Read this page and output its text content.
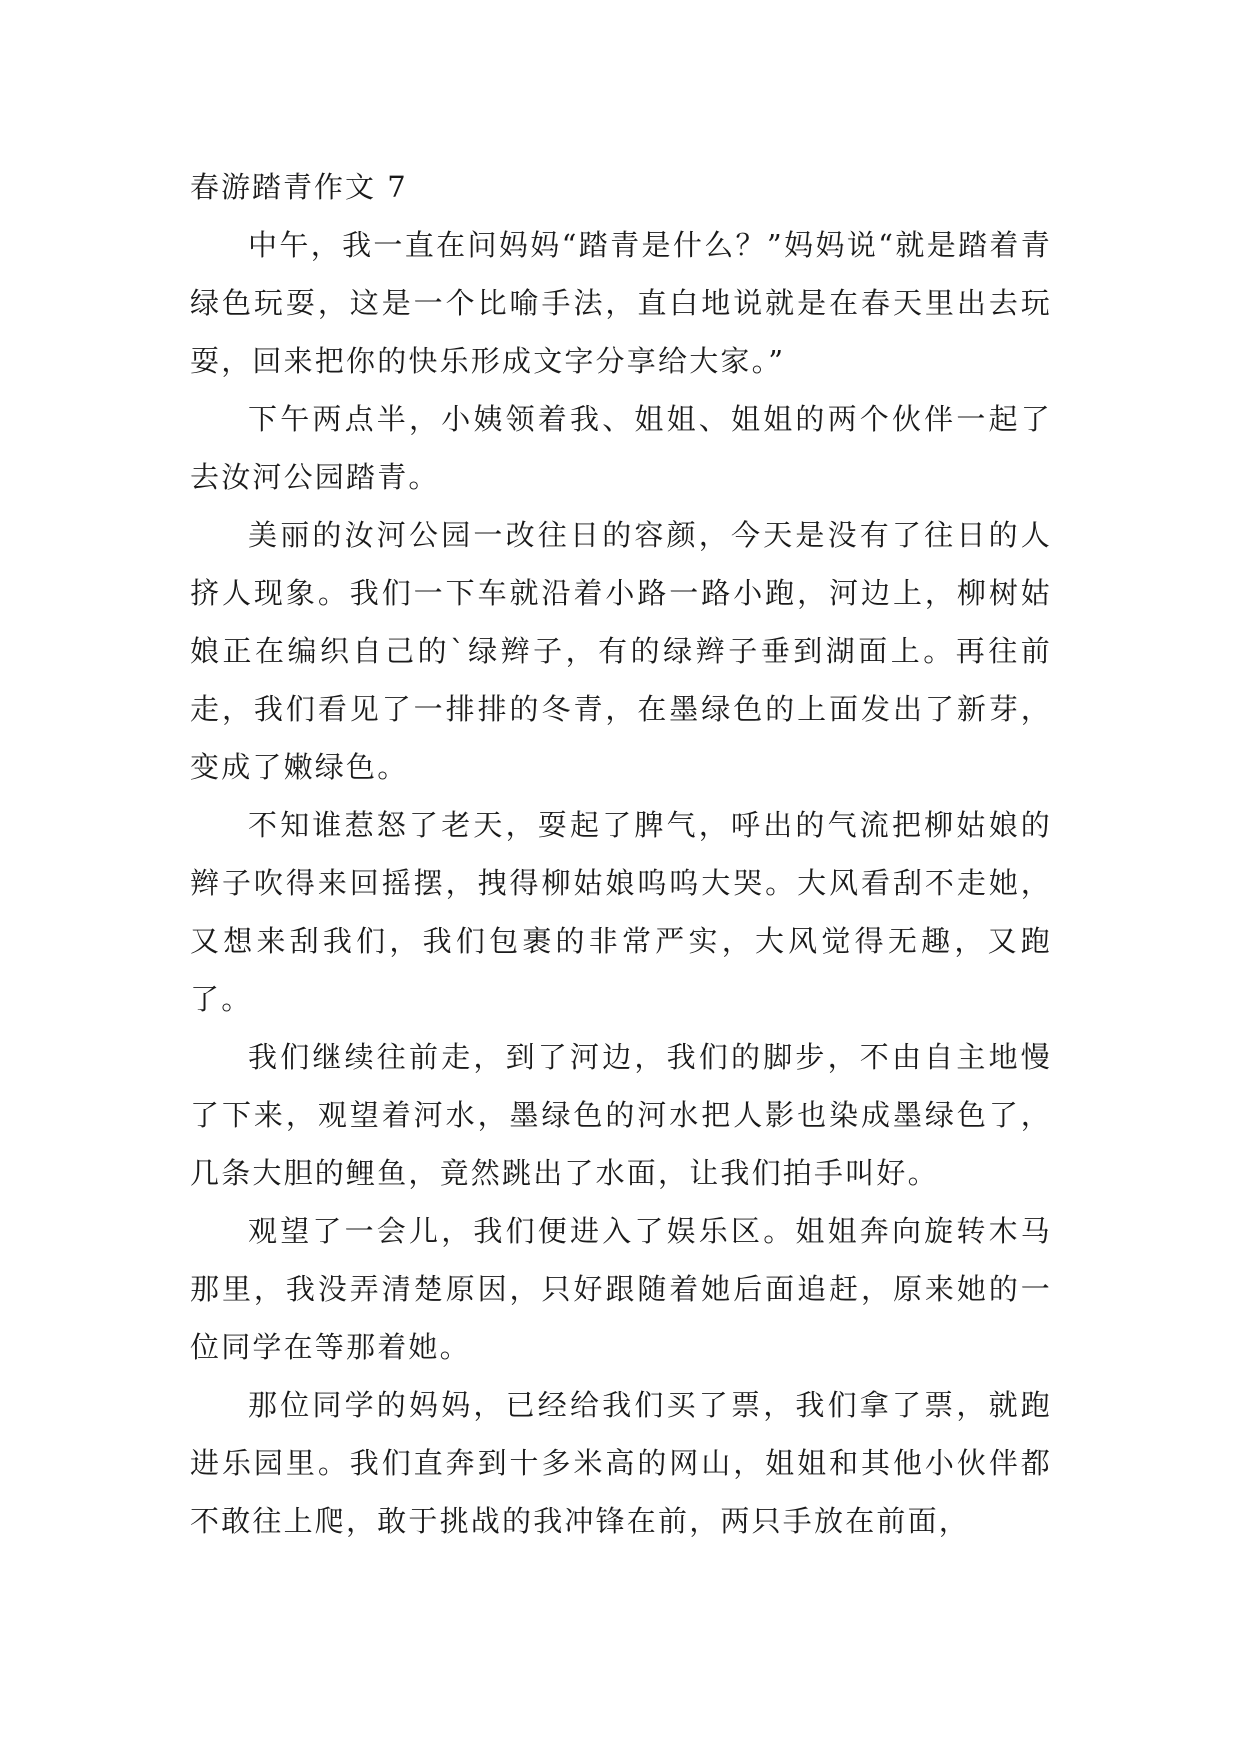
春游踏青作文 7

中午，我一直在问妈妈“踏青是什么？”妈妈说“就是踏着青绿色玩耍，这是一个比喻手法，直白地说就是在春天里出去玩耍，回来把你的快乐形成文字分享给大家。”

下午两点半，小姨领着我、姐姐、姐姐的两个伙伴一起了去汝河公园踏青。

美丽的汝河公园一改往日的容颜，今天是没有了往日的人挤人现象。我们一下车就沿着小路一路小跑，河边上，柳树姑娘正在编织自己的`绿辫子，有的绿辫子垂到湖面上。再往前走，我们看见了一排排的冬青，在墨绿色的上面发出了新芽，变成了嫩绿色。

不知谁惹怒了老天，耍起了脾气，呼出的气流把柳姑娘的辫子吹得来回摇摆，拽得柳姑娘呜呜大哭。大风看刮不走她，又想来刮我们，我们包裹的非常严实，大风觉得无趣，又跑了。

我们继续往前走，到了河边，我们的脚步，不由自主地慢了下来，观望着河水，墨绿色的河水把人影也染成墨绿色了，几条大胆的鲤鱼，竟然跳出了水面，让我们拍手叫好。

观望了一会儿，我们便进入了娱乐区。姐姐奔向旋转木马那里，我没弄清楚原因，只好跟随着她后面追赶，原来她的一位同学在等那着她。

那位同学的妈妈，已经给我们买了票，我们拿了票，就跑进乐园里。我们直奔到十多米高的网山，姐姐和其他小伙伴都不敢往上爬，敢于挑战的我冲锋在前，两只手放在前面，
